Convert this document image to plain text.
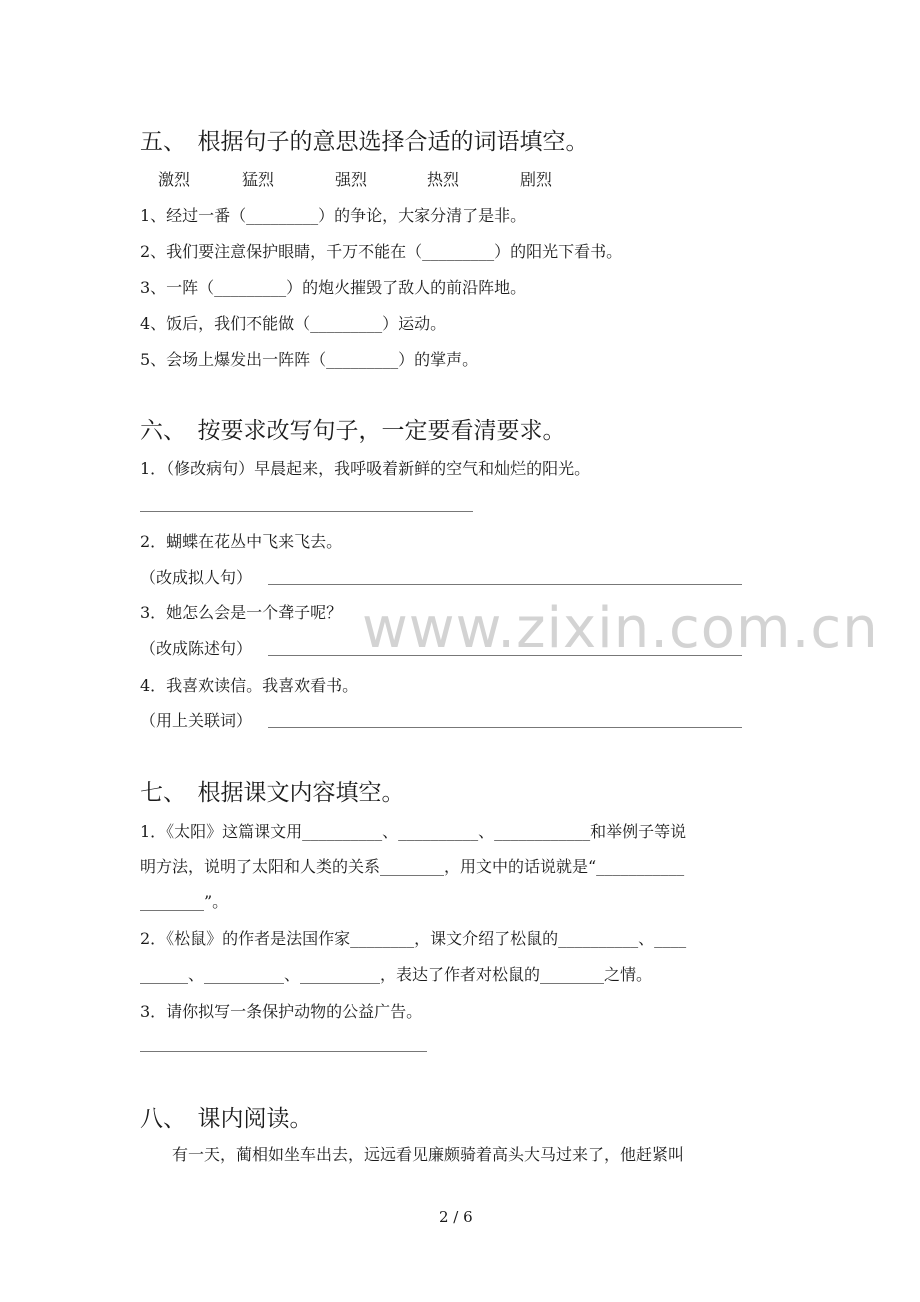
www.zixin.com.cn
五、　根据句子的意思选择合适的词语填空。
激烈	猛烈	强烈	热烈	剧烈
1、经过一番（_________）的争论，大家分清了是非。
2、我们要注意保护眼睛，千万不能在（_________）的阳光下看书。
3、一阵（_________）的炮火摧毁了敌人的前沿阵地。
4、饭后，我们不能做（_________）运动。
5、会场上爆发出一阵阵（_________）的掌声。
六、　按要求改写句子，一定要看清要求。
1．（修改病句）早晨起来，我呼吸着新鲜的空气和灿烂的阳光。
2．蝴蝶在花丛中飞来飞去。
（改成拟人句）
3．她怎么会是一个聋子呢？
（改成陈述句）
4．我喜欢读信。我喜欢看书。
（用上关联词）
七、　根据课文内容填空。
1．《太阳》这篇课文用__________、__________、____________和举例子等说
明方法，说明了太阳和人类的关系________，用文中的话说就是“___________
________”。
2．《松鼠》的作者是法国作家________，课文介绍了松鼠的__________、____
______、__________、__________，表达了作者对松鼠的________之情。
3．请你拟写一条保护动物的公益广告。
八、　课内阅读。
有一天，蔺相如坐车出去，远远看见廉颇骑着高头大马过来了，他赶紧叫
2 / 6
